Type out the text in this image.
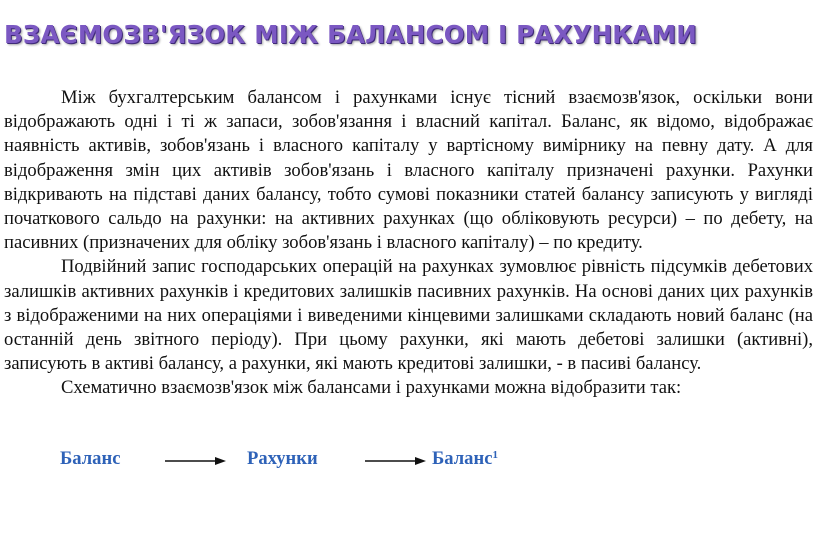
ВЗАЄМОЗВ'ЯЗОК МІЖ БАЛАНСОМ І РАХУНКАМИ

Між бухгалтерським балансом і рахунками існує тісний взаємозв'язок, оскільки вони відображають одні і ті ж запаси, зобов'язання і власний капітал. Баланс, як відомо, відображає наявність активів, зобов'язань і власного капіталу у вартісному вимірнику на певну дату. А для відображення змін цих активів зобов'язань і власного капіталу призначені рахунки. Рахунки відкривають на підставі даних балансу, тобто сумові показники статей балансу записують у вигляді початкового сальдо на рахунки: на активних рахунках (що обліковують ресурси) – по дебету, на пасивних (призначених для обліку зобов'язань і власного капіталу) – по кредиту.

Подвійний запис господарських операцій на рахунках зумовлює рівність підсумків дебетових залишків активних рахунків і кредитових залишків пасивних рахунків. На основі даних цих рахунків з відображеними на них операціями і виведеними кінцевими залишками складають новий баланс (на останній день звітного періоду). При цьому рахунки, які мають дебетові залишки (активні), записують в активі балансу, а рахунки, які мають кредитові залишки, - в пасиві балансу.

Схематично взаємозв'язок між балансами і рахунками можна відобразити так:

Баланс	Рахунки	Баланс$^1$
